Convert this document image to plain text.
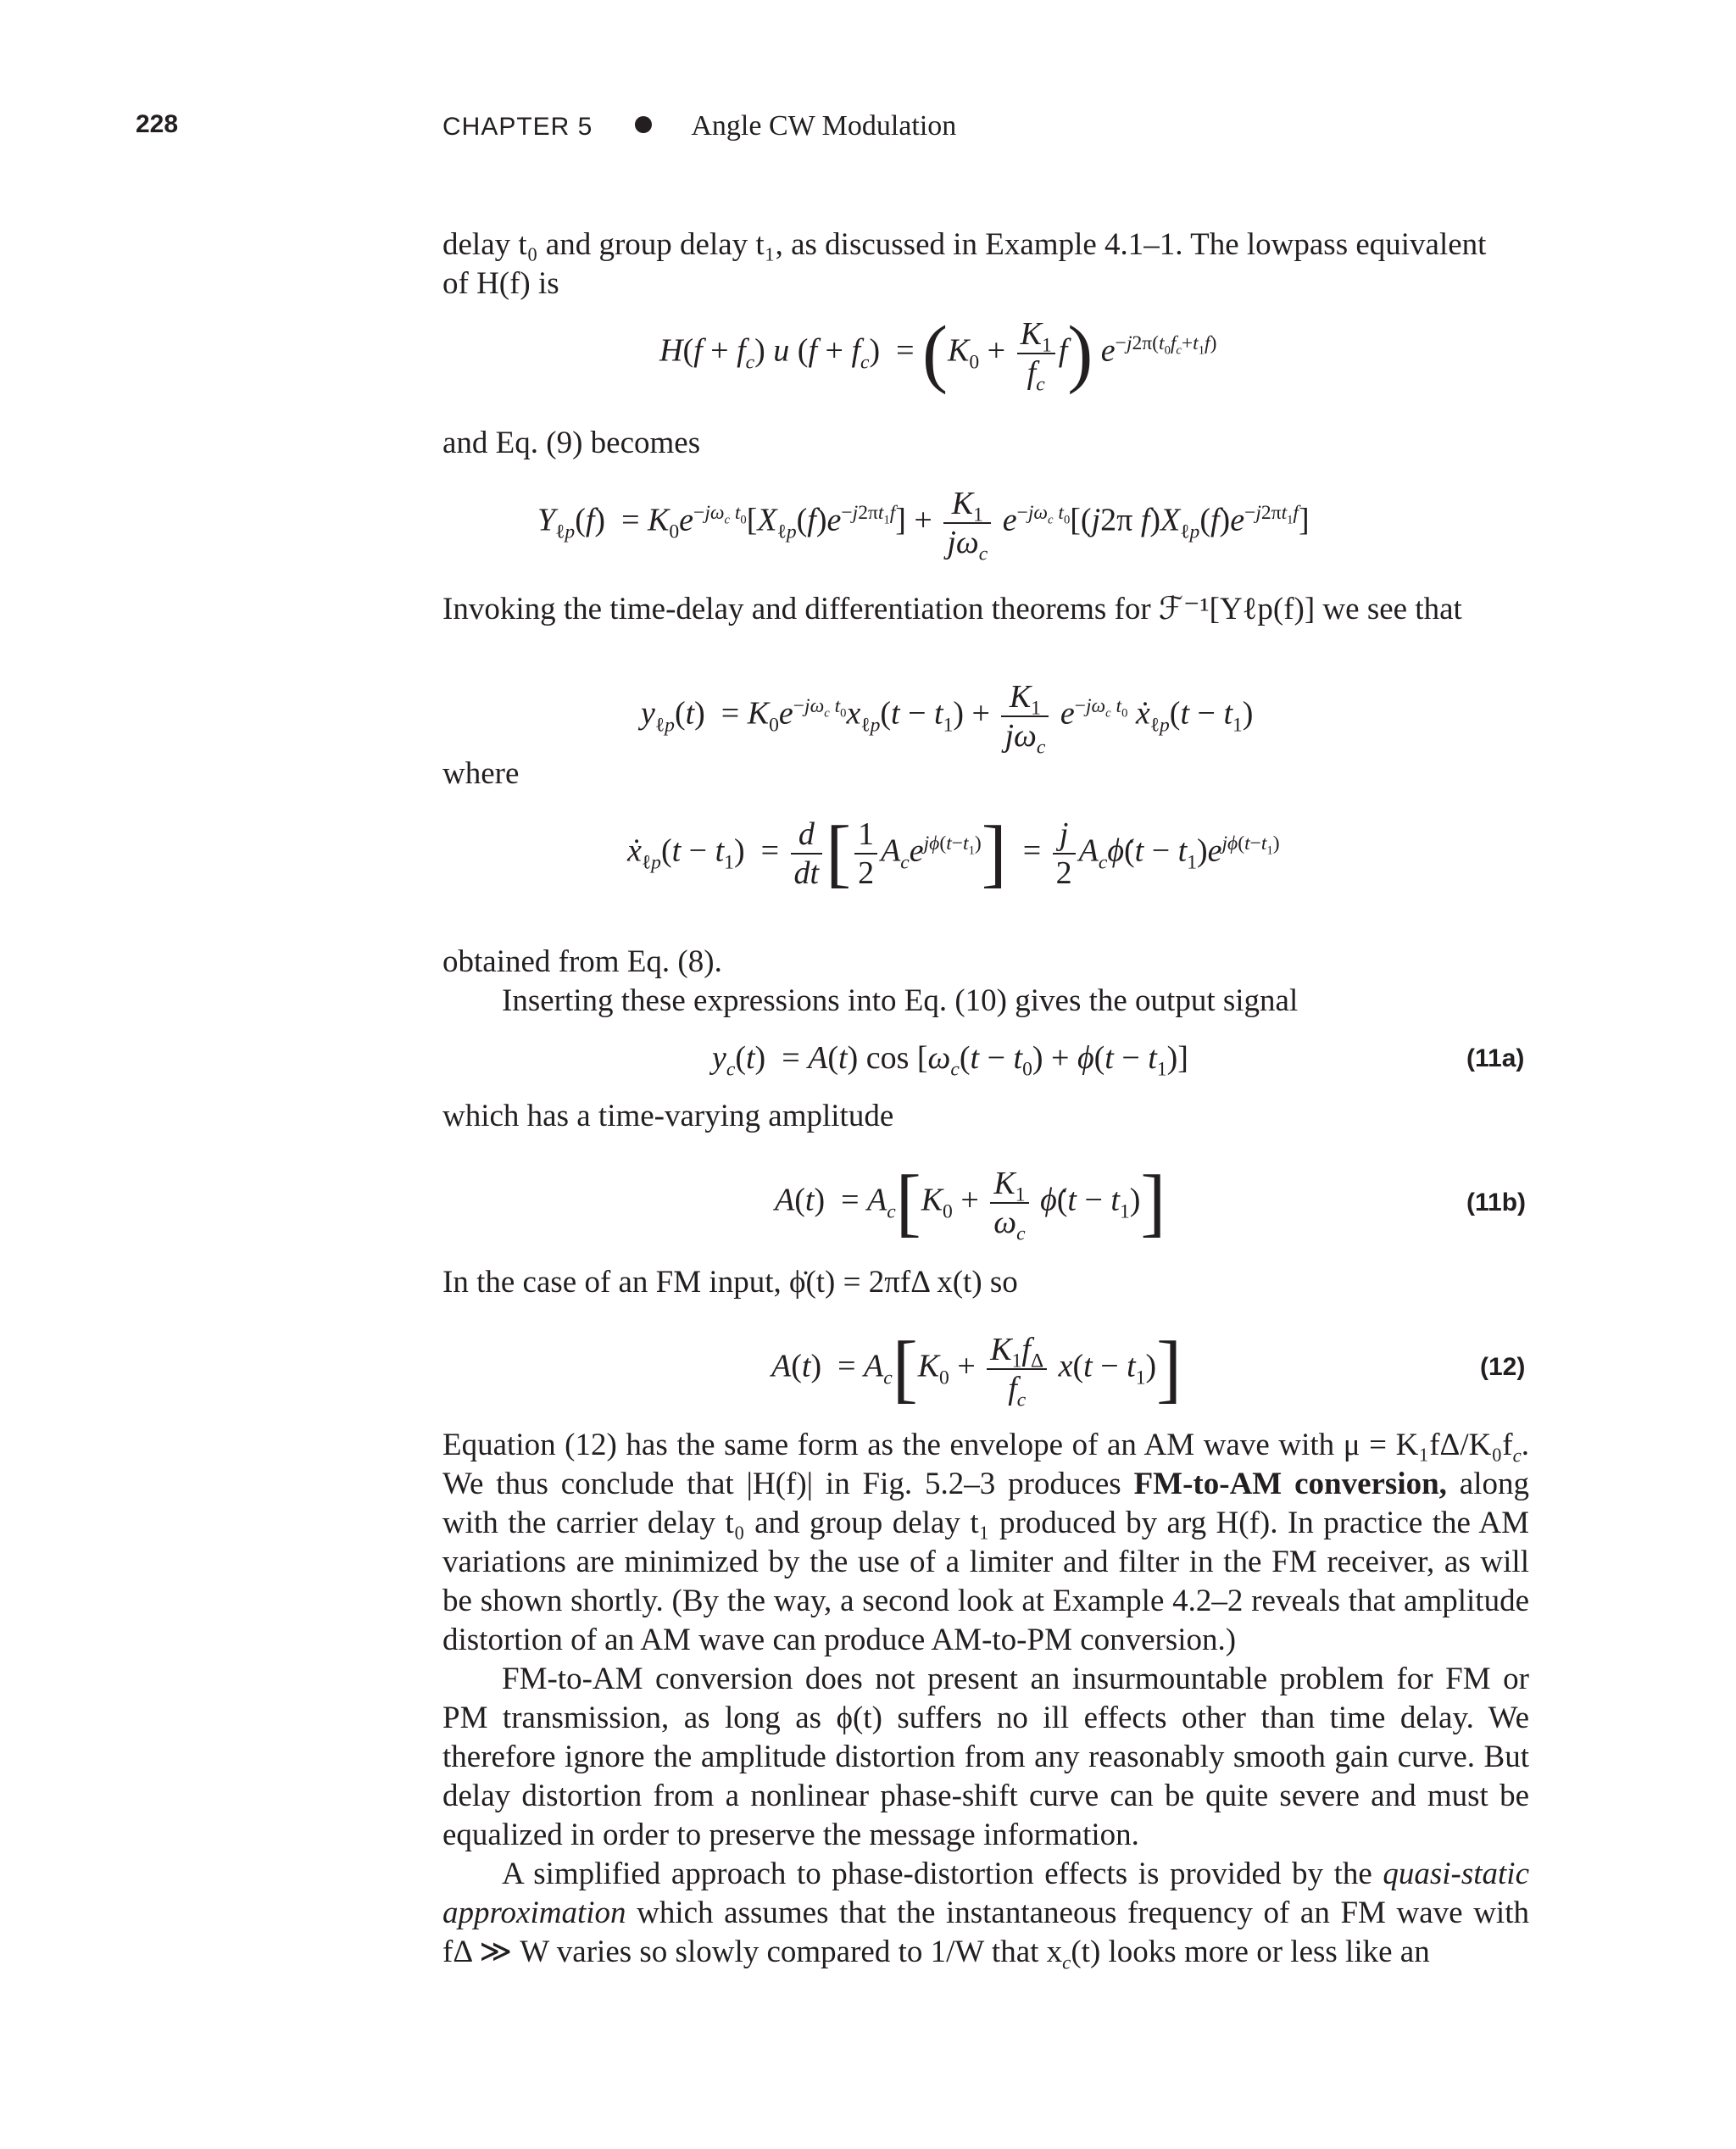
228	CHAPTER 5	Angle CW Modulation
delay t₀ and group delay t₁, as discussed in Example 4.1–1. The lowpass equivalent
of H(f) is
$H(f + f_c)$ u $(f + f_c) = (K_0 + \frac{K_1}{f_c} f)$ $e^{-j2\pi(t_0f_c+t_1f)}$
and Eq. (9) becomes
$Y_{\ell p}(f) = K_0e^{-j\omega_c t_0}[X_{\ell p}(f)e^{-j2\pi t_1f}] + \frac{K_1}{j\omega_c} e^{-j\omega_c t_0}[(j2\pi$ $f)X_{\ell p}(f)e^{-j2\pi t_1f}$]
Invoking the time-delay and differentiation theorems for ℱ⁻¹[Yℓp(f)] we see that
$y_{\ell p}(t) = K_0e^{-j\omega_c t_0}x_{\ell p}(t - t_1) + \frac{K_1}{j\omega_c} e^{-j\omega_c t_0}$ ẋ$_{\ell p}$(t − $t_1$)
where
ẋ$_{\ell p}$(t − $t_1) = \frac{d}{dt}$ [ $\frac{1}{2} A_ce^{j\phi(t-t_1)}] = \frac{j}{2}$ $A_c\phi̇(t - t_1)e^{j\phi(t-t_1)}$
obtained from Eq. (8).
Inserting these expressions into Eq. (10) gives the output signal
$y_c(t) = A(t)$ $\cos [\omega_c(t - t_0) + \phi(t - t_1)]$	(11a)
which has a time-varying amplitude
$A(t) = A_c[K_0 + \frac{K_1}{\omega_c}$ ϕ̇(t − $t_1$)]	(11b)
In the case of an FM input, ϕ̇(t) = 2πfΔ x(t) so
$A(t) = A_c[K_0 + \frac{K_1f_\Delta}{f_c} x(t - t_1)]$	(12)

Equation (12) has the same form as the envelope of an AM wave with μ = K₁fΔ/$K_0f_c$. We thus conclude that |H(f)| in Fig. 5.2–3 produces FM-to-AM conversion, along with the carrier delay t₀ and group delay t₁ produced by arg H(f). In practice the AM variations are minimized by the use of a limiter and filter in the FM receiver, as will be shown shortly. (By the way, a second look at Example 4.2–2 reveals that amplitude distortion of an AM wave can produce AM-to-PM conversion.)

FM-to-AM conversion does not present an insurmountable problem for FM or PM transmission, as long as ϕ(t) suffers no ill effects other than time delay. We therefore ignore the amplitude distortion from any reasonably smooth gain curve. But delay distortion from a nonlinear phase-shift curve can be quite severe and must be equalized in order to preserve the message information.

A simplified approach to phase-distortion effects is provided by the quasi-static approximation which assumes that the instantaneous frequency of an FM wave with fΔ ≫ W varies so slowly compared to 1/W that $x_c(t)$ looks more or less like an
